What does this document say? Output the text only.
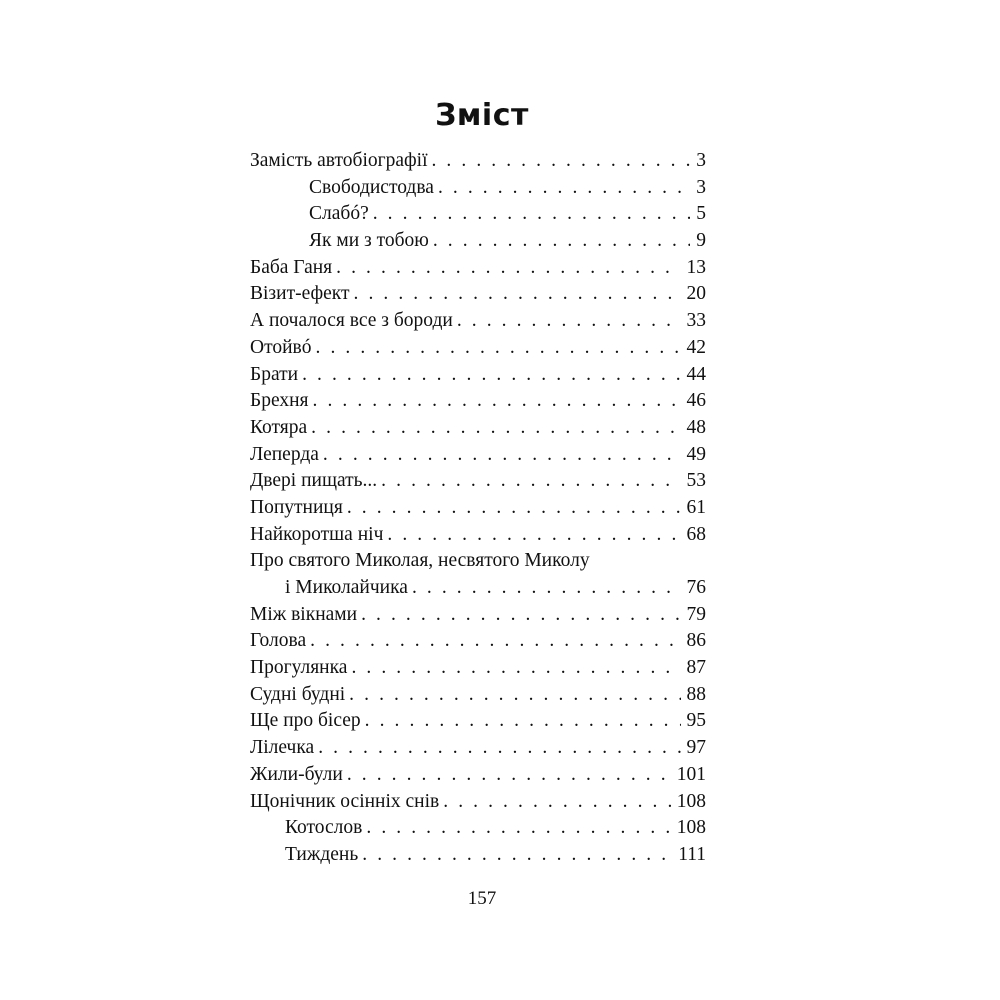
Зміст
Замість автобіографії . . .	3
Свободистодва . . .	3
Слабó? . . .	5
Як ми з тобою . . .	9
Баба Ганя . . .	13
Візит-ефект . . .	20
А почалося все з бороди . . .	33
Отойвó . . .	42
Брати . . .	44
Брехня . . .	46
Котяра . . .	48
Леперда . . .	49
Двері пищать... . . .	53
Попутниця . . .	61
Найкоротша ніч . . .	68
Про святого Миколая, несвятого Миколу
і Миколайчика . . .	76
Між вікнами . . .	79
Голова . . .	86
Прогулянка . . .	87
Судні будні . . .	88
Ще про бісер . . .	95
Лілечка . . .	97
Жили-були . . .	101
Щонічник осінніх снів . . .	108
Котослов . . .	108
Тиждень . . .	111
157
